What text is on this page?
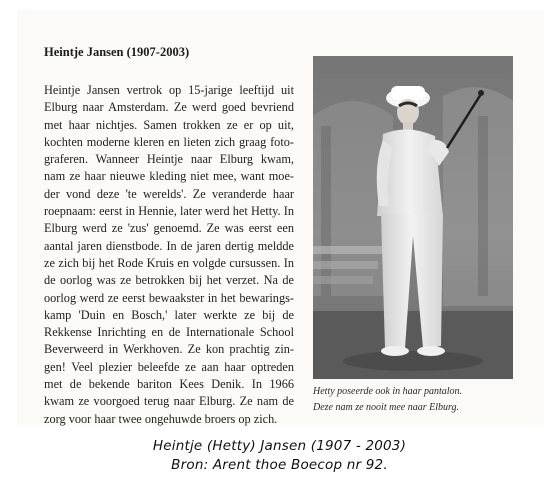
Heintje Jansen (1907-2003)
Heintje Jansen vertrok op 15-jarige leeftijd uit
Elburg naar Amsterdam. Ze werd goed bevriend
met haar nichtjes. Samen trokken ze er op uit,
kochten moderne kleren en lieten zich graag foto-
graferen. Wanneer Heintje naar Elburg kwam,
nam ze haar nieuwe kleding niet mee, want moe-
der vond deze 'te werelds'. Ze veranderde haar
roepnaam: eerst in Hennie, later werd het Hetty. In
Elburg werd ze 'zus' genoemd. Ze was eerst een
aantal jaren dienstbode. In de jaren dertig meldde
ze zich bij het Rode Kruis en volgde cursussen. In
de oorlog was ze betrokken bij het verzet. Na de
oorlog werd ze eerst bewaakster in het bewarings-
kamp 'Duin en Bosch,' later werkte ze bij de
Rekkense Inrichting en de Internationale School
Beverweerd in Werkhoven. Ze kon prachtig zin-
gen! Veel plezier beleefde ze aan haar optreden
met de bekende bariton Kees Denik. In 1966
kwam ze voorgoed terug naar Elburg. Ze nam de
zorg voor haar twee ongehuwde broers op zich.
Hetty poseerde ook in haar pantalon.
Deze nam ze nooit mee naar Elburg.
Heintje (Hetty) Jansen (1907 - 2003)
Bron: Arent thoe Boecop nr 92.
